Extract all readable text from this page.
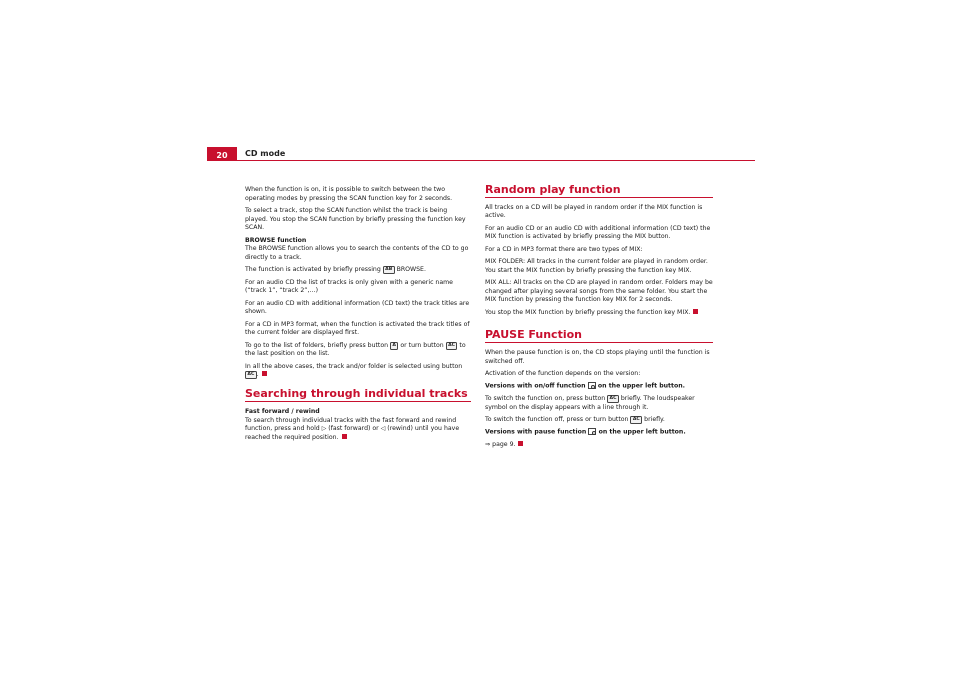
20	CD mode

When the function is on, it is possible to switch between the two operating modes by pressing the SCAN function key for 2 seconds.

To select a track, stop the SCAN function whilst the track is being played. You stop the SCAN function by briefly pressing the function key SCAN.

BROWSE function

The BROWSE function allows you to search the contents of the CD to go directly to a track.

The function is activated by briefly pressing AB BROWSE.

For an audio CD the list of tracks is only given with a generic name (“track 1”, “track 2”,…)

For an audio CD with additional information (CD text) the track titles are shown.

For a CD in MP3 format, when the function is activated the track titles of the current folder are displayed first.

To go to the list of folders, briefly press button A or turn button AC to the last position on the list.

In all the above cases, the track and/or folder is selected using button AC .

Searching through individual tracks

Fast forward / rewind

To search through individual tracks with the fast forward and rewind function, press and hold ▷ (fast forward) or ◁ (rewind) until you have reached the required position.

Random play function

All tracks on a CD will be played in random order if the MIX function is active.

For an audio CD or an audio CD with additional information (CD text) the MIX function is activated by briefly pressing the MIX button.

For a CD in MP3 format there are two types of MIX:

MIX FOLDER: All tracks in the current folder are played in random order. You start the MIX function by briefly pressing the function key MIX.

MIX ALL: All tracks on the CD are played in random order. Folders may be changed after playing several songs from the same folder. You start the MIX function by pressing the function key MIX for 2 seconds.

You stop the MIX function by briefly pressing the function key MIX.

PAUSE Function

When the pause function is on, the CD stops playing until the function is switched off.

Activation of the function depends on the version:

Versions with on/off function on the upper left button.

To switch the function on, press button AC briefly. The loudspeaker symbol on the display appears with a line through it.

To switch the function off, press or turn button AC briefly.

Versions with pause function on the upper left button.

⇒ page 9.
